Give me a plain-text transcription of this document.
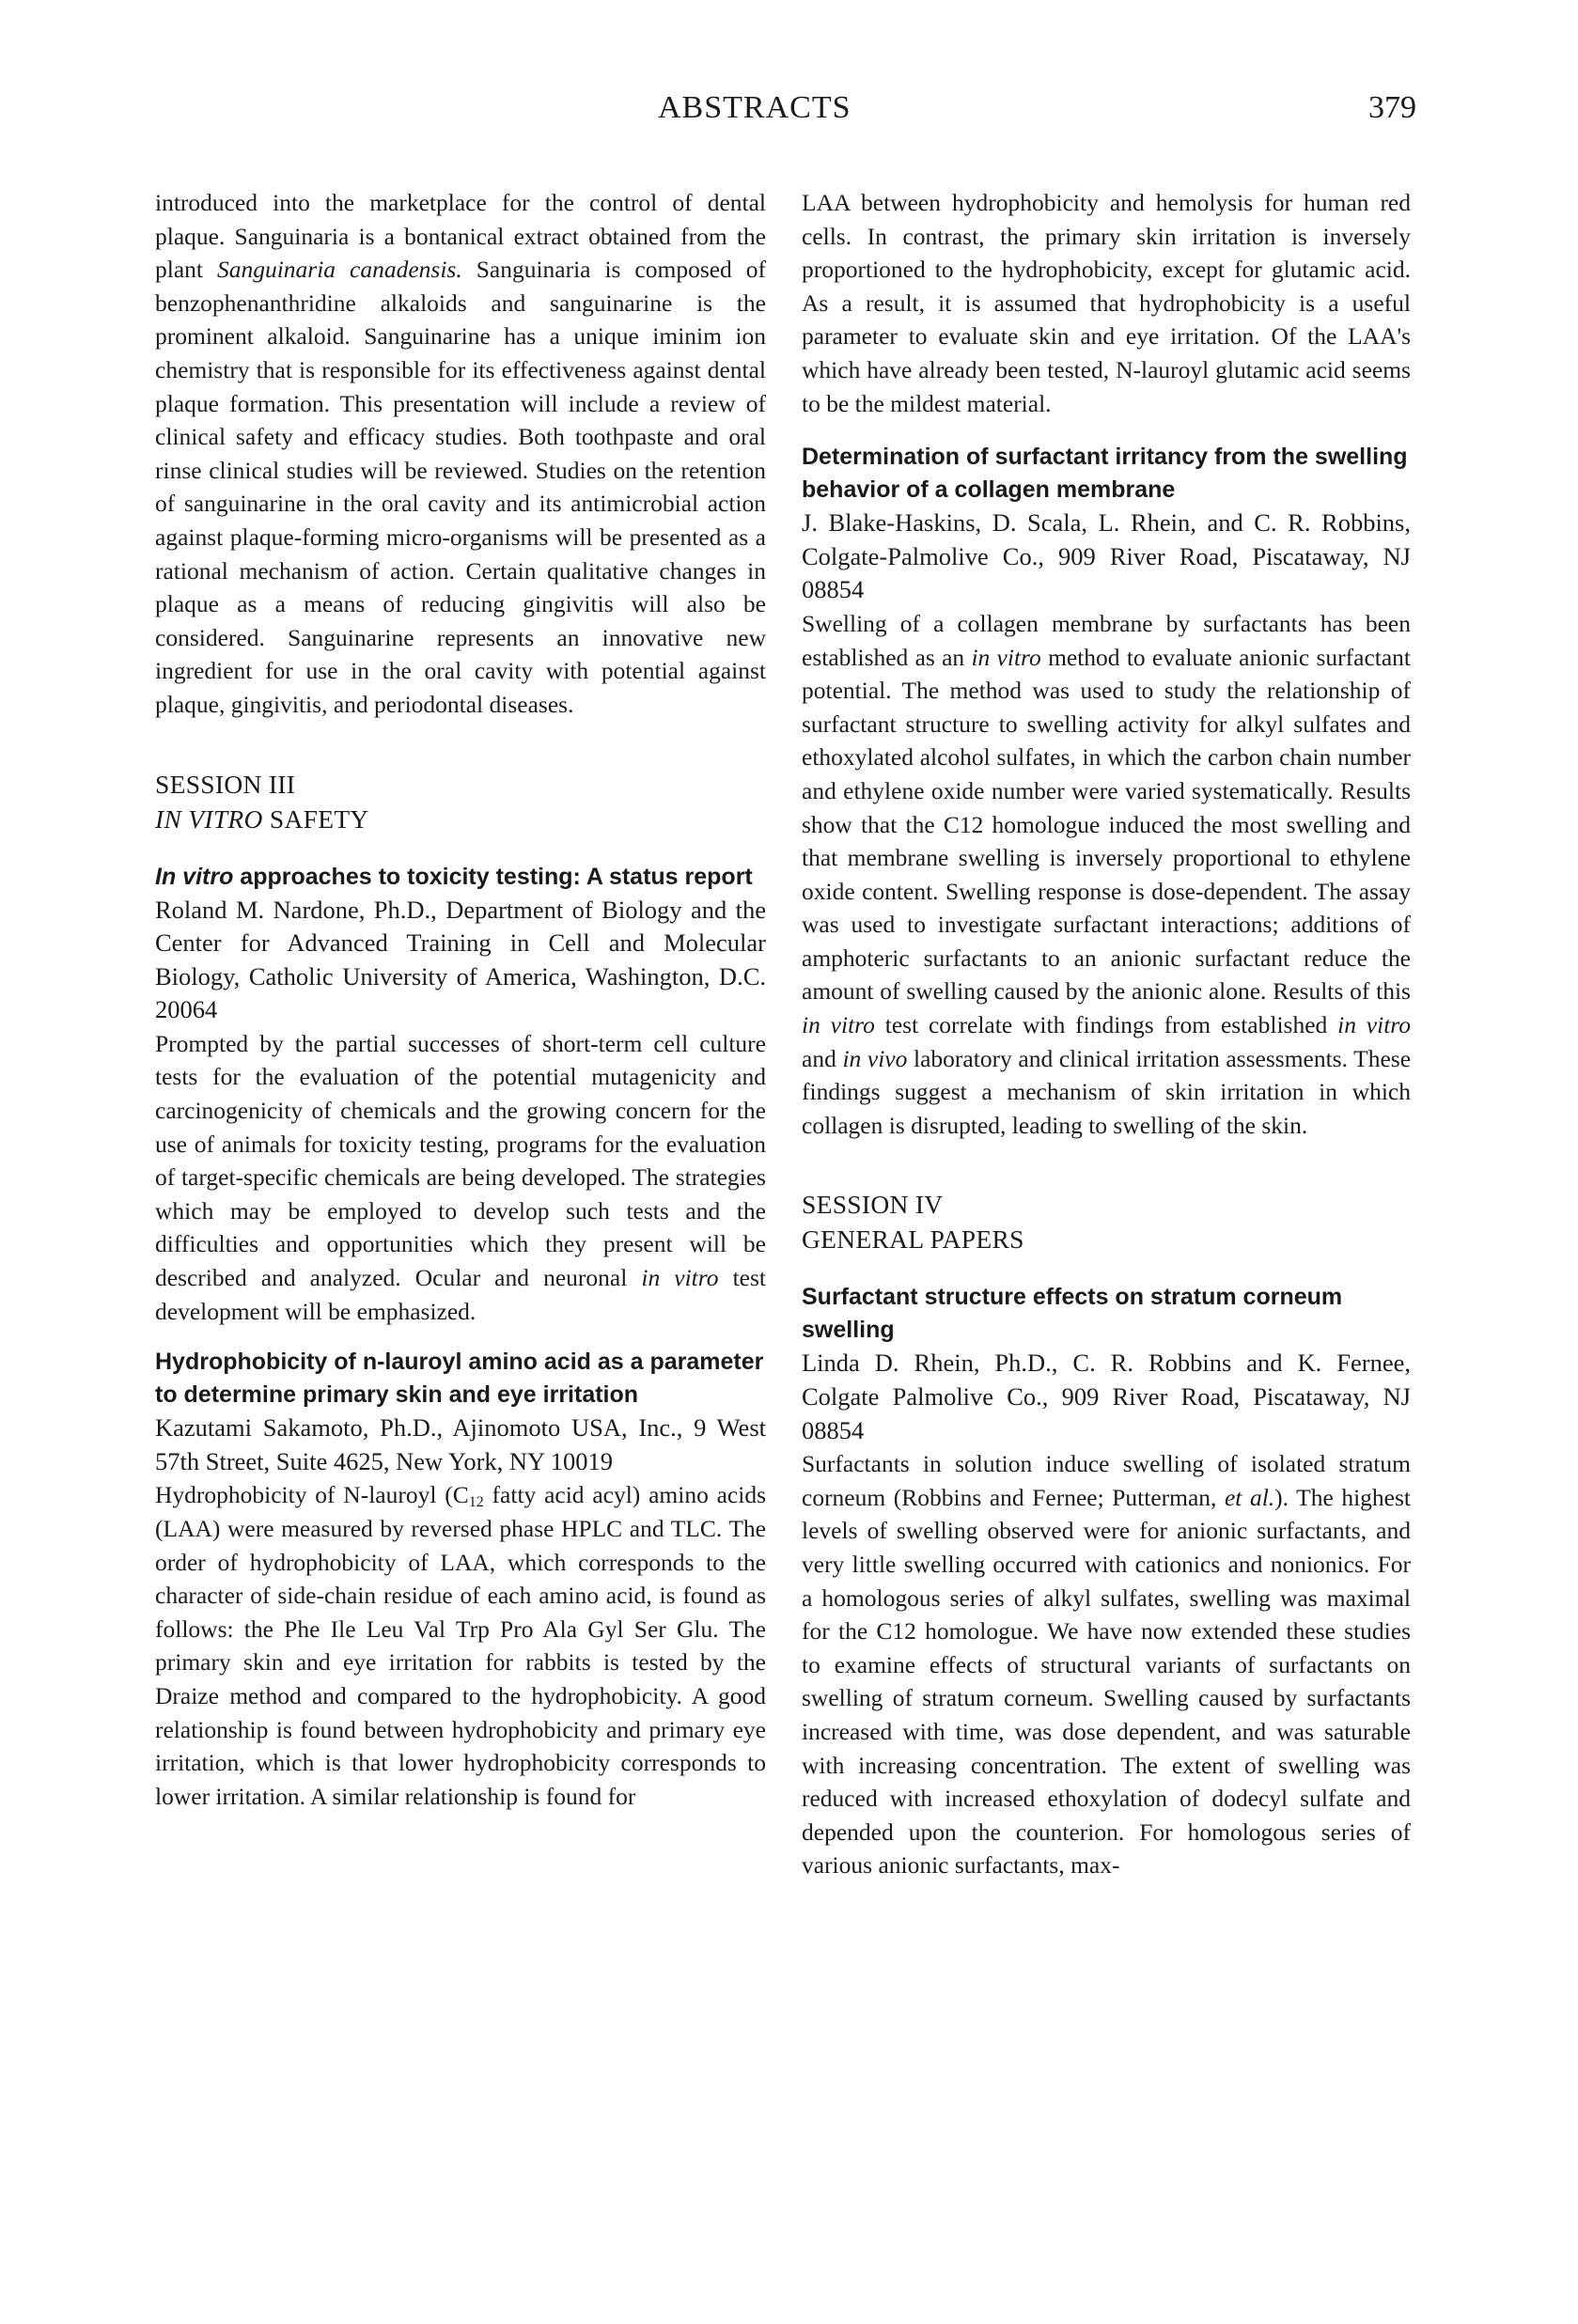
ABSTRACTS	379

introduced into the marketplace for the control of dental plaque. Sanguinaria is a bontanical extract obtained from the plant Sanguinaria canadensis. Sanguinaria is composed of benzophenanthridine alkaloids and sanguinarine is the prominent alkaloid. Sanguinarine has a unique iminim ion chemistry that is responsible for its effectiveness against dental plaque formation. This presentation will include a review of clinical safety and efficacy studies. Both toothpaste and oral rinse clinical studies will be reviewed. Studies on the retention of sanguinarine in the oral cavity and its antimicrobial action against plaque-forming micro-organisms will be presented as a rational mechanism of action. Certain qualitative changes in plaque as a means of reducing gingivitis will also be considered. Sanguinarine represents an innovative new ingredient for use in the oral cavity with potential against plaque, gingivitis, and periodontal diseases.

SESSION III
IN VITRO SAFETY

In vitro approaches to toxicity testing: A status report

Roland M. Nardone, Ph.D., Department of Biology and the Center for Advanced Training in Cell and Molecular Biology, Catholic University of America, Washington, D.C. 20064

Prompted by the partial successes of short-term cell culture tests for the evaluation of the potential mutagenicity and carcinogenicity of chemicals and the growing concern for the use of animals for toxicity testing, programs for the evaluation of target-specific chemicals are being developed. The strategies which may be employed to develop such tests and the difficulties and opportunities which they present will be described and analyzed. Ocular and neuronal in vitro test development will be emphasized.

Hydrophobicity of n-lauroyl amino acid as a parameter to determine primary skin and eye irritation

Kazutami Sakamoto, Ph.D., Ajinomoto USA, Inc., 9 West 57th Street, Suite 4625, New York, NY 10019

Hydrophobicity of N-lauroyl ($C_{12}$ fatty acid acyl) amino acids (LAA) were measured by reversed phase HPLC and TLC. The order of hydrophobicity of LAA, which corresponds to the character of side-chain residue of each amino acid, is found as follows: the Phe Ile Leu Val Trp Pro Ala Gyl Ser Glu. The primary skin and eye irritation for rabbits is tested by the Draize method and compared to the hydrophobicity. A good relationship is found between hydrophobicity and primary eye irritation, which is that lower hydrophobicity corresponds to lower irritation. A similar relationship is found for

LAA between hydrophobicity and hemolysis for human red cells. In contrast, the primary skin irritation is inversely proportioned to the hydrophobicity, except for glutamic acid. As a result, it is assumed that hydrophobicity is a useful parameter to evaluate skin and eye irritation. Of the LAA's which have already been tested, N-lauroyl glutamic acid seems to be the mildest material.

Determination of surfactant irritancy from the swelling behavior of a collagen membrane

J. Blake-Haskins, D. Scala, L. Rhein, and C. R. Robbins, Colgate-Palmolive Co., 909 River Road, Piscataway, NJ 08854

Swelling of a collagen membrane by surfactants has been established as an in vitro method to evaluate anionic surfactant potential. The method was used to study the relationship of surfactant structure to swelling activity for alkyl sulfates and ethoxylated alcohol sulfates, in which the carbon chain number and ethylene oxide number were varied systematically. Results show that the C12 homologue induced the most swelling and that membrane swelling is inversely proportional to ethylene oxide content. Swelling response is dose-dependent. The assay was used to investigate surfactant interactions; additions of amphoteric surfactants to an anionic surfactant reduce the amount of swelling caused by the anionic alone. Results of this in vitro test correlate with findings from established in vitro and in vivo laboratory and clinical irritation assessments. These findings suggest a mechanism of skin irritation in which collagen is disrupted, leading to swelling of the skin.

SESSION IV
GENERAL PAPERS

Surfactant structure effects on stratum corneum swelling

Linda D. Rhein, Ph.D., C. R. Robbins and K. Fernee, Colgate Palmolive Co., 909 River Road, Piscataway, NJ 08854

Surfactants in solution induce swelling of isolated stratum corneum (Robbins and Fernee; Putterman, et al.). The highest levels of swelling observed were for anionic surfactants, and very little swelling occurred with cationics and nonionics. For a homologous series of alkyl sulfates, swelling was maximal for the C12 homologue. We have now extended these studies to examine effects of structural variants of surfactants on swelling of stratum corneum. Swelling caused by surfactants increased with time, was dose dependent, and was saturable with increasing concentration. The extent of swelling was reduced with increased ethoxylation of dodecyl sulfate and depended upon the counterion. For homologous series of various anionic surfactants, max-
